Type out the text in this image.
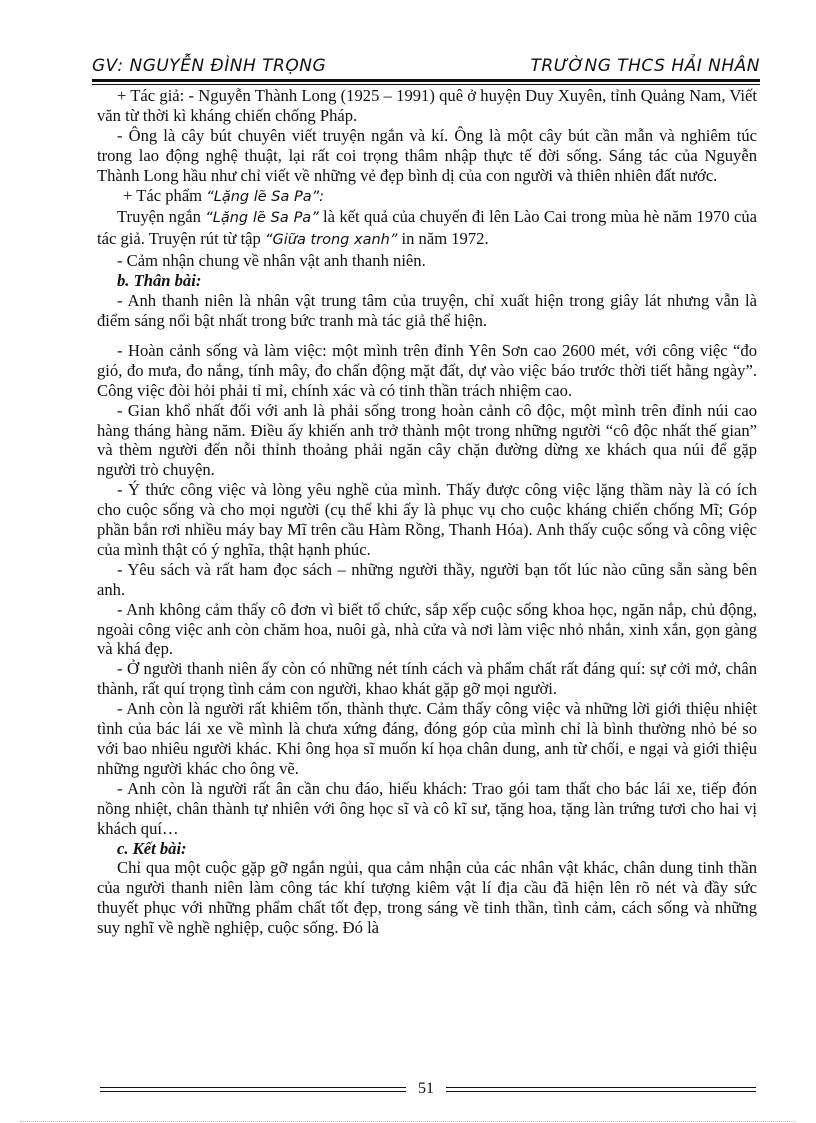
GV: NGUYỄN ĐÌNH TRỌNG	TRƯỜNG THCS HẢI NHÂN

+ Tác giả: - Nguyễn Thành Long (1925 – 1991) quê ở huyện Duy Xuyên, tỉnh Quảng Nam, Viết văn từ thời kì kháng chiến chống Pháp.

- Ông là cây bút chuyên viết truyện ngắn và kí. Ông là một cây bút cần mẫn và nghiêm túc trong lao động nghệ thuật, lại rất coi trọng thâm nhập thực tế đời sống. Sáng tác của Nguyễn Thành Long hầu như chỉ viết về những vẻ đẹp bình dị của con người và thiên nhiên đất nước.

+ Tác phẩm “Lặng lẽ Sa Pa”:

Truyện ngắn “Lặng lẽ Sa Pa” là kết quả của chuyến đi lên Lào Cai trong mùa hè năm 1970 của tác giả. Truyện rút từ tập “Giữa trong xanh” in năm 1972.

- Cảm nhận chung về nhân vật anh thanh niên.

b. Thân bài:

- Anh thanh niên là nhân vật trung tâm của truyện, chỉ xuất hiện trong giây lát nhưng vẫn là điểm sáng nổi bật nhất trong bức tranh mà tác giả thể hiện.

- Hoàn cảnh sống và làm việc: một mình trên đỉnh Yên Sơn cao 2600 mét, với công việc “đo gió, đo mưa, đo nắng, tính mây, đo chấn động mặt đất, dự vào việc báo trước thời tiết hằng ngày”. Công việc đòi hỏi phải tỉ mỉ, chính xác và có tinh thần trách nhiệm cao.

- Gian khổ nhất đối với anh là phải sống trong hoàn cảnh cô độc, một mình trên đỉnh núi cao hàng tháng hàng năm. Điều ấy khiến anh trở thành một trong những người “cô độc nhất thế gian” và thèm người đến nỗi thỉnh thoảng phải ngăn cây chặn đường dừng xe khách qua núi để gặp người trò chuyện.

- Ý thức công việc và lòng yêu nghề của mình. Thấy được công việc lặng thầm này là có ích cho cuộc sống và cho mọi người (cụ thể khi ấy là phục vụ cho cuộc kháng chiến chống Mĩ; Góp phần bắn rơi nhiều máy bay Mĩ trên cầu Hàm Rồng, Thanh Hóa). Anh thấy cuộc sống và công việc của mình thật có ý nghĩa, thật hạnh phúc.

- Yêu sách và rất ham đọc sách – những người thầy, người bạn tốt lúc nào cũng sẵn sàng bên anh.

- Anh không cảm thấy cô đơn vì biết tổ chức, sắp xếp cuộc sống khoa học, ngăn nắp, chủ động, ngoài công việc anh còn chăm hoa, nuôi gà, nhà cửa và nơi làm việc nhỏ nhắn, xinh xắn, gọn gàng và khá đẹp.

- Ở người thanh niên ấy còn có những nét tính cách và phẩm chất rất đáng quí: sự cởi mở, chân thành, rất quí trọng tình cảm con người, khao khát gặp gỡ mọi người.

- Anh còn là người rất khiêm tốn, thành thực. Cảm thấy công việc và những lời giới thiệu nhiệt tình của bác lái xe về mình là chưa xứng đáng, đóng góp của mình chỉ là bình thường nhỏ bé so với bao nhiêu người khác. Khi ông họa sĩ muốn kí họa chân dung, anh từ chối, e ngại và giới thiệu những người khác cho ông vẽ.

- Anh còn là người rất ân cần chu đáo, hiếu khách: Trao gói tam thất cho bác lái xe, tiếp đón nồng nhiệt, chân thành tự nhiên với ông học sĩ và cô kĩ sư, tặng hoa, tặng làn trứng tươi cho hai vị khách quí…

c. Kết bài:

Chỉ qua một cuộc gặp gỡ ngắn ngủi, qua cảm nhận của các nhân vật khác, chân dung tinh thần của người thanh niên làm công tác khí tượng kiêm vật lí địa cầu đã hiện lên rõ nét và đầy sức thuyết phục với những phẩm chất tốt đẹp, trong sáng về tinh thần, tình cảm, cách sống và những suy nghĩ về nghề nghiệp, cuộc sống. Đó là

51
